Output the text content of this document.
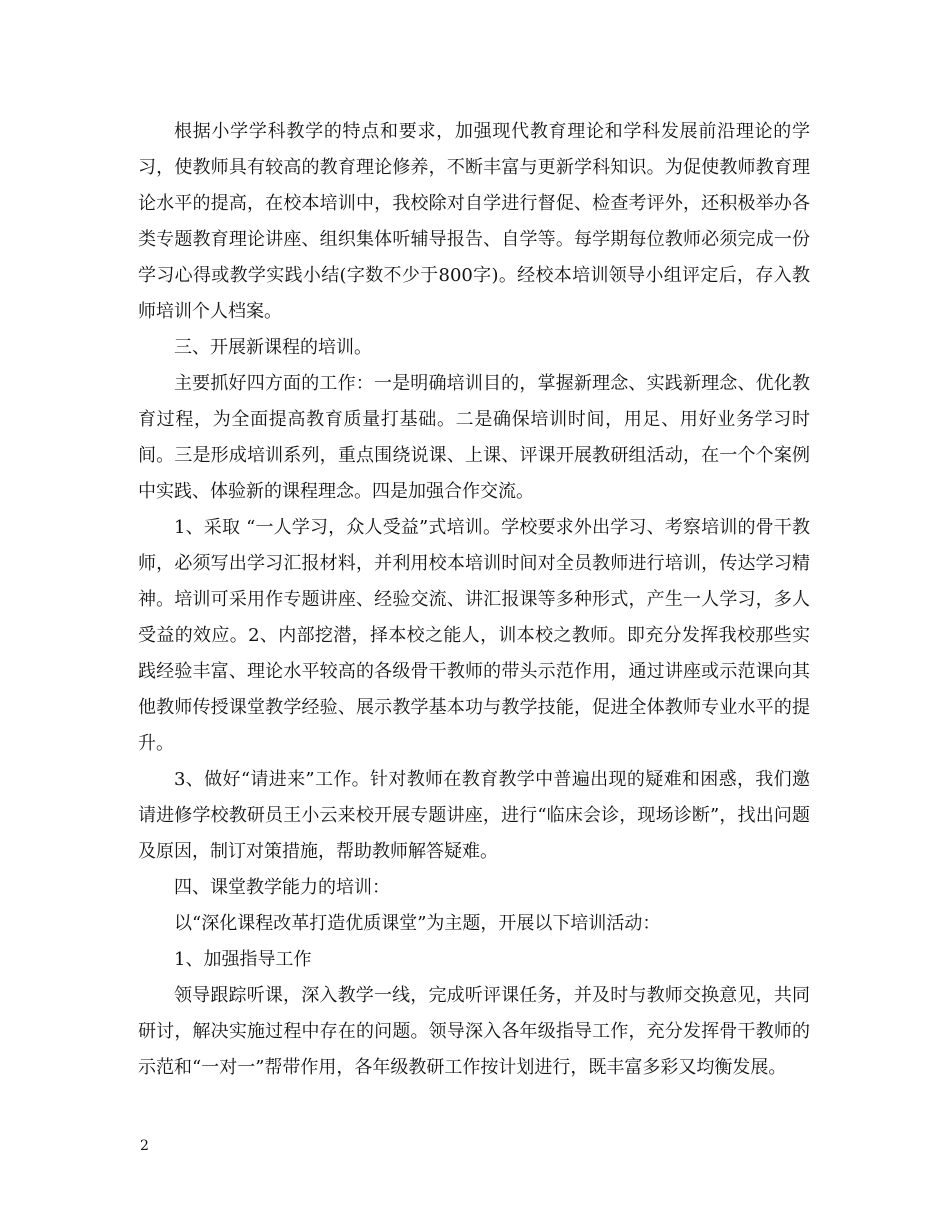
根据小学学科教学的特点和要求，加强现代教育理论和学科发展前沿理论的学习，使教师具有较高的教育理论修养，不断丰富与更新学科知识。为促使教师教育理论水平的提高，在校本培训中，我校除对自学进行督促、检查考评外，还积极举办各类专题教育理论讲座、组织集体听辅导报告、自学等。每学期每位教师必须完成一份学习心得或教学实践小结(字数不少于800字)。经校本培训领导小组评定后，存入教师培训个人档案。

三、开展新课程的培训。

主要抓好四方面的工作：一是明确培训目的，掌握新理念、实践新理念、优化教育过程，为全面提高教育质量打基础。二是确保培训时间，用足、用好业务学习时间。三是形成培训系列，重点围绕说课、上课、评课开展教研组活动，在一个个案例中实践、体验新的课程理念。四是加强合作交流。

1、采取 “一人学习，众人受益”式培训。学校要求外出学习、考察培训的骨干教师，必须写出学习汇报材料，并利用校本培训时间对全员教师进行培训，传达学习精神。培训可采用作专题讲座、经验交流、讲汇报课等多种形式，产生一人学习，多人受益的效应。2、内部挖潜，择本校之能人，训本校之教师。即充分发挥我校那些实践经验丰富、理论水平较高的各级骨干教师的带头示范作用，通过讲座或示范课向其他教师传授课堂教学经验、展示教学基本功与教学技能，促进全体教师专业水平的提升。

3、做好“请进来”工作。针对教师在教育教学中普遍出现的疑难和困惑，我们邀请进修学校教研员王小云来校开展专题讲座，进行“临床会诊，现场诊断”，找出问题及原因，制订对策措施，帮助教师解答疑难。

四、课堂教学能力的培训：

以“深化课程改革打造优质课堂”为主题，开展以下培训活动：

1、加强指导工作

领导跟踪听课，深入教学一线，完成听评课任务，并及时与教师交换意见，共同研讨，解决实施过程中存在的问题。领导深入各年级指导工作，充分发挥骨干教师的示范和“一对一”帮带作用，各年级教研工作按计划进行，既丰富多彩又均衡发展。

2
